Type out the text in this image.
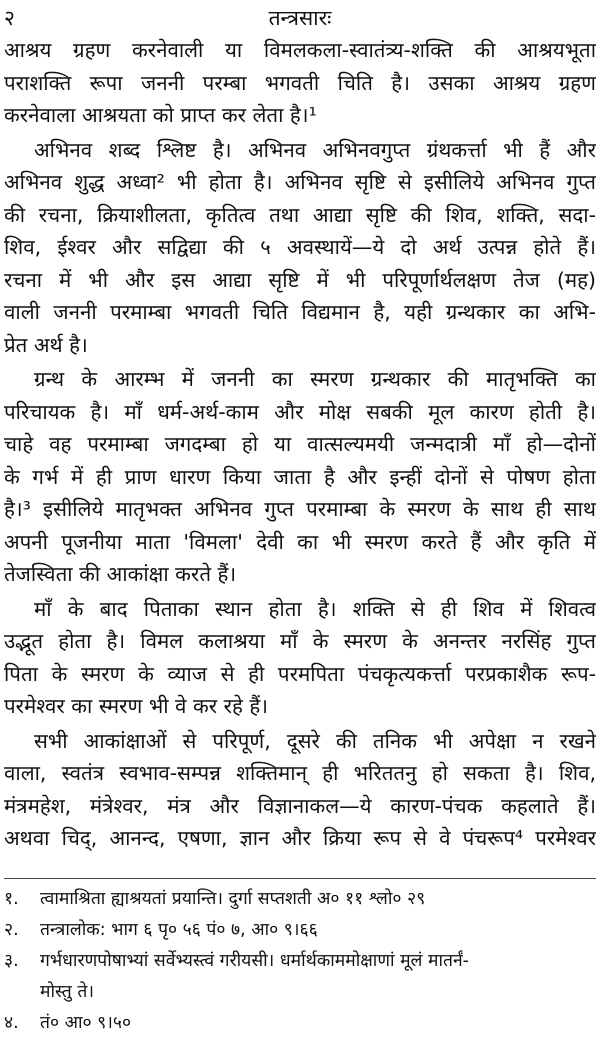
२	तन्त्रसारः
आश्रय ग्रहण करनेवाली या विमलकला-स्वातंत्र्य-शक्ति की आश्रयभूता
पराशक्ति रूपा जननी परम्बा भगवती चिति है। उसका आश्रय ग्रहण
करनेवाला आश्रयता को प्राप्त कर लेता है।¹
अभिनव शब्द श्लिष्ट है। अभिनव अभिनवगुप्त ग्रंथकर्त्ता भी हैं और
अभिनव शुद्ध अध्वा² भी होता है। अभिनव सृष्टि से इसीलिये अभिनव गुप्त
की रचना, क्रियाशीलता, कृतित्व तथा आद्या सृष्टि की शिव, शक्ति, सदा-
शिव, ईश्वर और सद्विद्या की ५ अवस्थायें—ये दो अर्थ उत्पन्न होते हैं।
रचना में भी और इस आद्या सृष्टि में भी परिपूर्णार्थलक्षण तेज (मह)
वाली जननी परमाम्बा भगवती चिति विद्यमान है, यही ग्रन्थकार का अभि-
प्रेत अर्थ है।
ग्रन्थ के आरम्भ में जननी का स्मरण ग्रन्थकार की मातृभक्ति का
परिचायक है। माँ धर्म-अर्थ-काम और मोक्ष सबकी मूल कारण होती है।
चाहे वह परमाम्बा जगदम्बा हो या वात्सल्यमयी जन्मदात्री माँ हो—दोनों
के गर्भ में ही प्राण धारण किया जाता है और इन्हीं दोनों से पोषण होता
है।³ इसीलिये मातृभक्त अभिनव गुप्त परमाम्बा के स्मरण के साथ ही साथ
अपनी पूजनीया माता 'विमला' देवी का भी स्मरण करते हैं और कृति में
तेजस्विता की आकांक्षा करते हैं।
माँ के बाद पिताका स्थान होता है। शक्ति से ही शिव में शिवत्व
उद्भूत होता है। विमल कलाश्रया माँ के स्मरण के अनन्तर नरसिंह गुप्त
पिता के स्मरण के व्याज से ही परमपिता पंचकृत्यकर्त्ता परप्रकाशैक रूप-
परमेश्वर का स्मरण भी वे कर रहे हैं।
सभी आकांक्षाओं से परिपूर्ण, दूसरे की तनिक भी अपेक्षा न रखने
वाला, स्वतंत्र स्वभाव-सम्पन्न शक्तिमान् ही भरिततनु हो सकता है। शिव,
मंत्रमहेश, मंत्रेश्वर, मंत्र और विज्ञानाकल—ये कारण-पंचक कहलाते हैं।
अथवा चिद्, आनन्द, एषणा, ज्ञान और क्रिया रूप से वे पंचरूप⁴ परमेश्वर
१.	त्वामाश्रिता ह्याश्रयतां प्रयान्ति। दुर्गा सप्तशती अ० ११ श्लो० २९
२.	तन्त्रालोक: भाग ६ पृ० ५६ पं० ७, आ० ९।६६
३.	गर्भधारणपोषाभ्यां सर्वेभ्यस्त्वं गरीयसी। धर्मार्थकाममोक्षाणां मूलं मातर्नं-
मोस्तु ते।
४.	तं० आ० ९।५०
